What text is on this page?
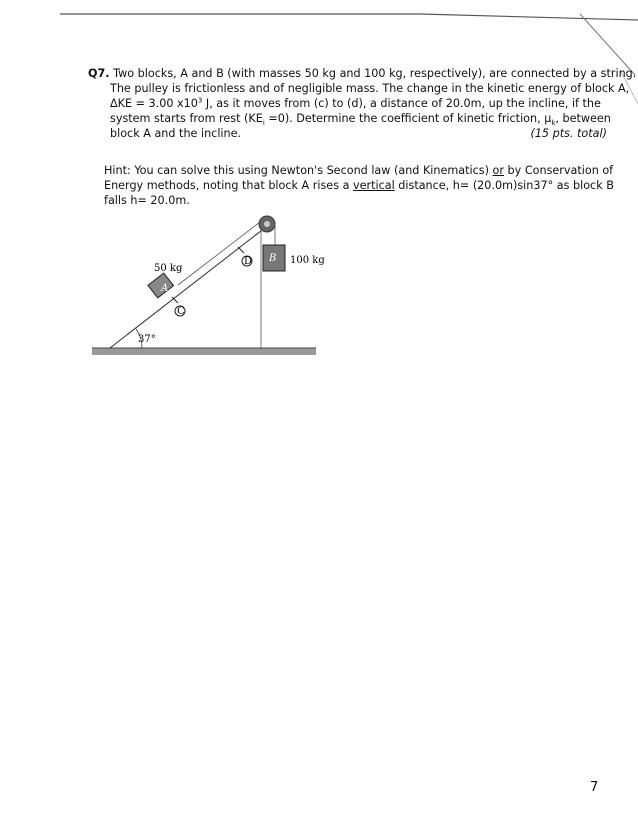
Q7. Two blocks, A and B (with masses 50 kg and 100 kg, respectively), are connected by a string.
The pulley is frictionless and of negligible mass. The change in the kinetic energy of block A,
ΔKE = 3.00 $x10^3$ J, as it moves from (c) to (d), a distance of 20.0m, up the incline, if the
system starts from rest $(KE_i =0)$. Determine the coefficient of kinetic friction, $\mu_k$, between
block A and the incline.	(15 pts. total)
Hint: You can solve this using Newton's Second law (and Kinematics) or by Conservation of
Energy methods, noting that block A rises a vertical distance, h= (20.0m)sin37° as block B
falls h= 20.0m.
B 100 kg
A
50 kg
C
D
37°
7
